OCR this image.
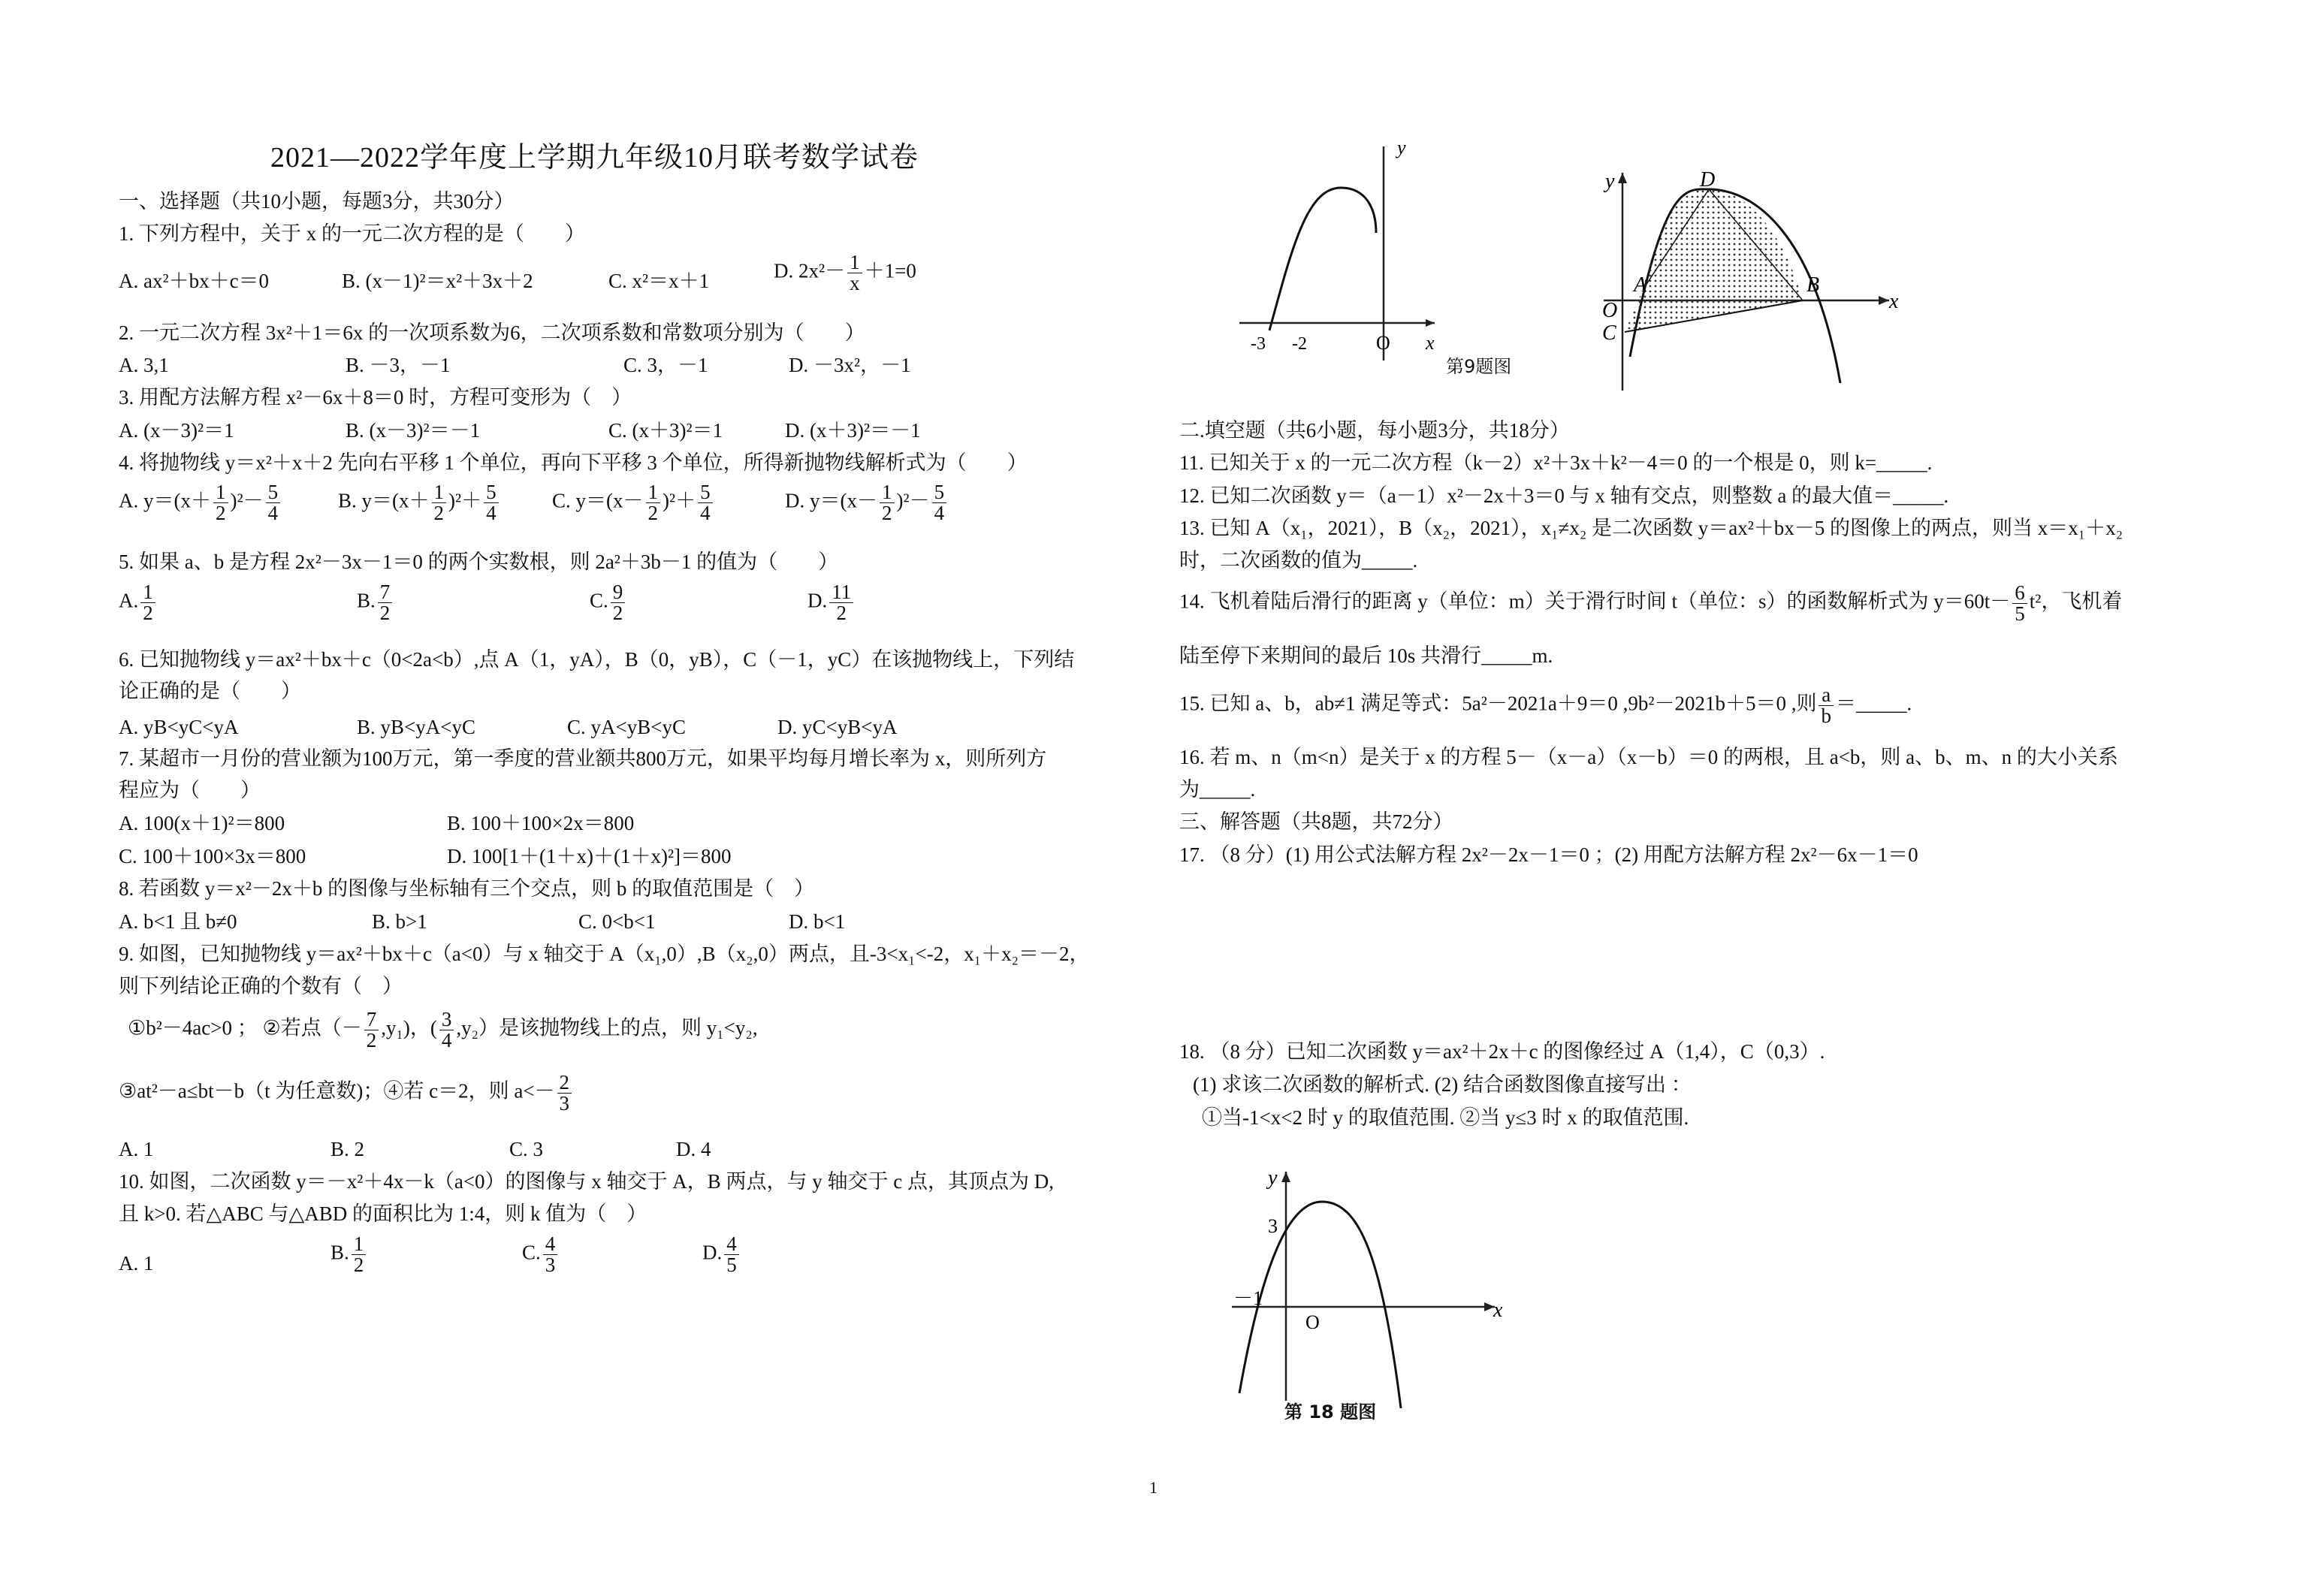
2021—2022学年度上学期九年级10月联考数学试卷
一、选择题（共10小题，每题3分，共30分）
1. 下列方程中，关于 x 的一元二次方程的是（　　）
A. ax²＋bx＋c＝0	B. (x－1)²＝x²＋3x＋2	C. x²＝x＋1	D. $2x^2- \frac{1}{x} +1=0$
2. 一元二次方程 3x²＋1＝6x 的一次项系数为6，二次项系数和常数项分别为（　　）
A. 3,1	B. －3，－1	C. 3，－1	D. －3x²，－1
3. 用配方法解方程 x²－6x＋8＝0 时，方程可变形为（　）
A. (x－3)²＝1	B. (x－3)²＝－1	C. (x＋3)²＝1	D. (x＋3)²＝－1
4. 将抛物线 y＝x²＋x＋2 先向右平移 1 个单位，再向下平移 3 个单位，所得新抛物线解析式为（　　）
A. $y=(x+ \frac{1}{2} )^2- \frac{5}{4}$	B. $y=(x+ \frac{1}{2} )^2+ \frac{5}{4}$	C. $y=(x- \frac{1}{2} )^2+ \frac{5}{4}$	D. $y=(x- \frac{1}{2} )^2- \frac{5}{4}$
5. 如果 a、b 是方程 2x²－3x－1＝0 的两个实数根，则 2a²＋3b－1 的值为（　　）
A. $\frac{1}{2}$	B. $\frac{7}{2}$	C. $\frac{9}{2}$	D. $\frac{11}{2}$
6. 已知抛物线 y＝ax²＋bx＋c（0<2a<b）,点 A（1，yA），B（0，yB），C（－1，yC）在该抛物线上，下列结
论正确的是（　　）
A. yB<yC<yA	B. yB<yA<yC	C. yA<yB<yC	D. yC<yB<yA
7. 某超市一月份的营业额为100万元，第一季度的营业额共800万元，如果平均每月增长率为 x，则所列方
程应为（　　）
A. 100(x＋1)²＝800	B. 100＋100×2x＝800
C. 100＋100×3x＝800	D. 100[1＋(1＋x)＋(1＋x)²]＝800
8. 若函数 y＝x²－2x＋b 的图像与坐标轴有三个交点，则 b 的取值范围是（　）
A. b<1 且 b≠0	B. b>1	C. 0<b<1	D. b<1
9. 如图，已知抛物线 y＝ax²＋bx＋c（a<0）与 x 轴交于 A（x₁,0）,B（x₂,0）两点，且-3<x₁<-2，x₁＋x₂＝－2，
则下列结论正确的个数有（　）
①b²－4ac>0 ； ②若点（－ $\frac{7}{2} ,y_1$)，( $\frac{3}{4} ,y_2$）是该抛物线上的点，则 y₁<y₂,
③at²－a≤bt－b（t 为任意数)；④若 c＝2，则 $a<- \frac{2}{3}$
A. 1	B. 2	C. 3	D. 4
10. 如图，二次函数 y＝－x²＋4x－k（a<0）的图像与 x 轴交于 A，B 两点，与 y 轴交于 c 点，其顶点为 D,
且 k>0. 若△ABC 与△ABD 的面积比为 1:4，则 k 值为（　）
A. 1	B. $\frac{1}{2}$	C. $\frac{4}{3}$	D. $\frac{4}{5}$
y
x
-3 -2	O
y
x
D
A	B
O
C
第9题图
二.填空题（共6小题，每小题3分，共18分）
11. 已知关于 x 的一元二次方程（k－2）x²＋3x＋k²－4＝0 的一个根是 0，则 k=_____.
12. 已知二次函数 y＝（a－1）x²－2x＋3＝0 与 x 轴有交点，则整数 a 的最大值＝_____.
13. 已知 A（x₁，2021），B（x₂，2021），x₁≠x₂ 是二次函数 y＝ax²＋bx－5 的图像上的两点，则当 x＝x₁＋x₂
时，二次函数的值为_____.
14. 飞机着陆后滑行的距离 y（单位：m）关于滑行时间 t（单位：s）的函数解析式为 $y=60t- \frac{6}{5} t^2$，飞机着
陆至停下来期间的最后 10s 共滑行_____m.
15. 已知 a、b，ab≠1 满足等式：5a²－2021a＋9＝0 ,9b²－2021b＋5＝0 ,则 $\frac{a}{b}$ ＝_____.
16. 若 m、n（m<n）是关于 x 的方程 5－（x－a）（x－b）＝0 的两根，且 a<b，则 a、b、m、n 的大小关系
为_____.
三、解答题（共8题，共72分）
17. （8 分）(1) 用公式法解方程 2x²－2x－1＝0 ；(2) 用配方法解方程 2x²－6x－1＝0
18. （8 分）已知二次函数 y＝ax²＋2x＋c 的图像经过 A（1,4），C（0,3）.
(1) 求该二次函数的解析式. (2) 结合函数图像直接写出 ：
①当-1<x<2 时 y 的取值范围. ②当 y≤3 时 x 的取值范围.
y
x
－1
O
3
第 18 题图
1
